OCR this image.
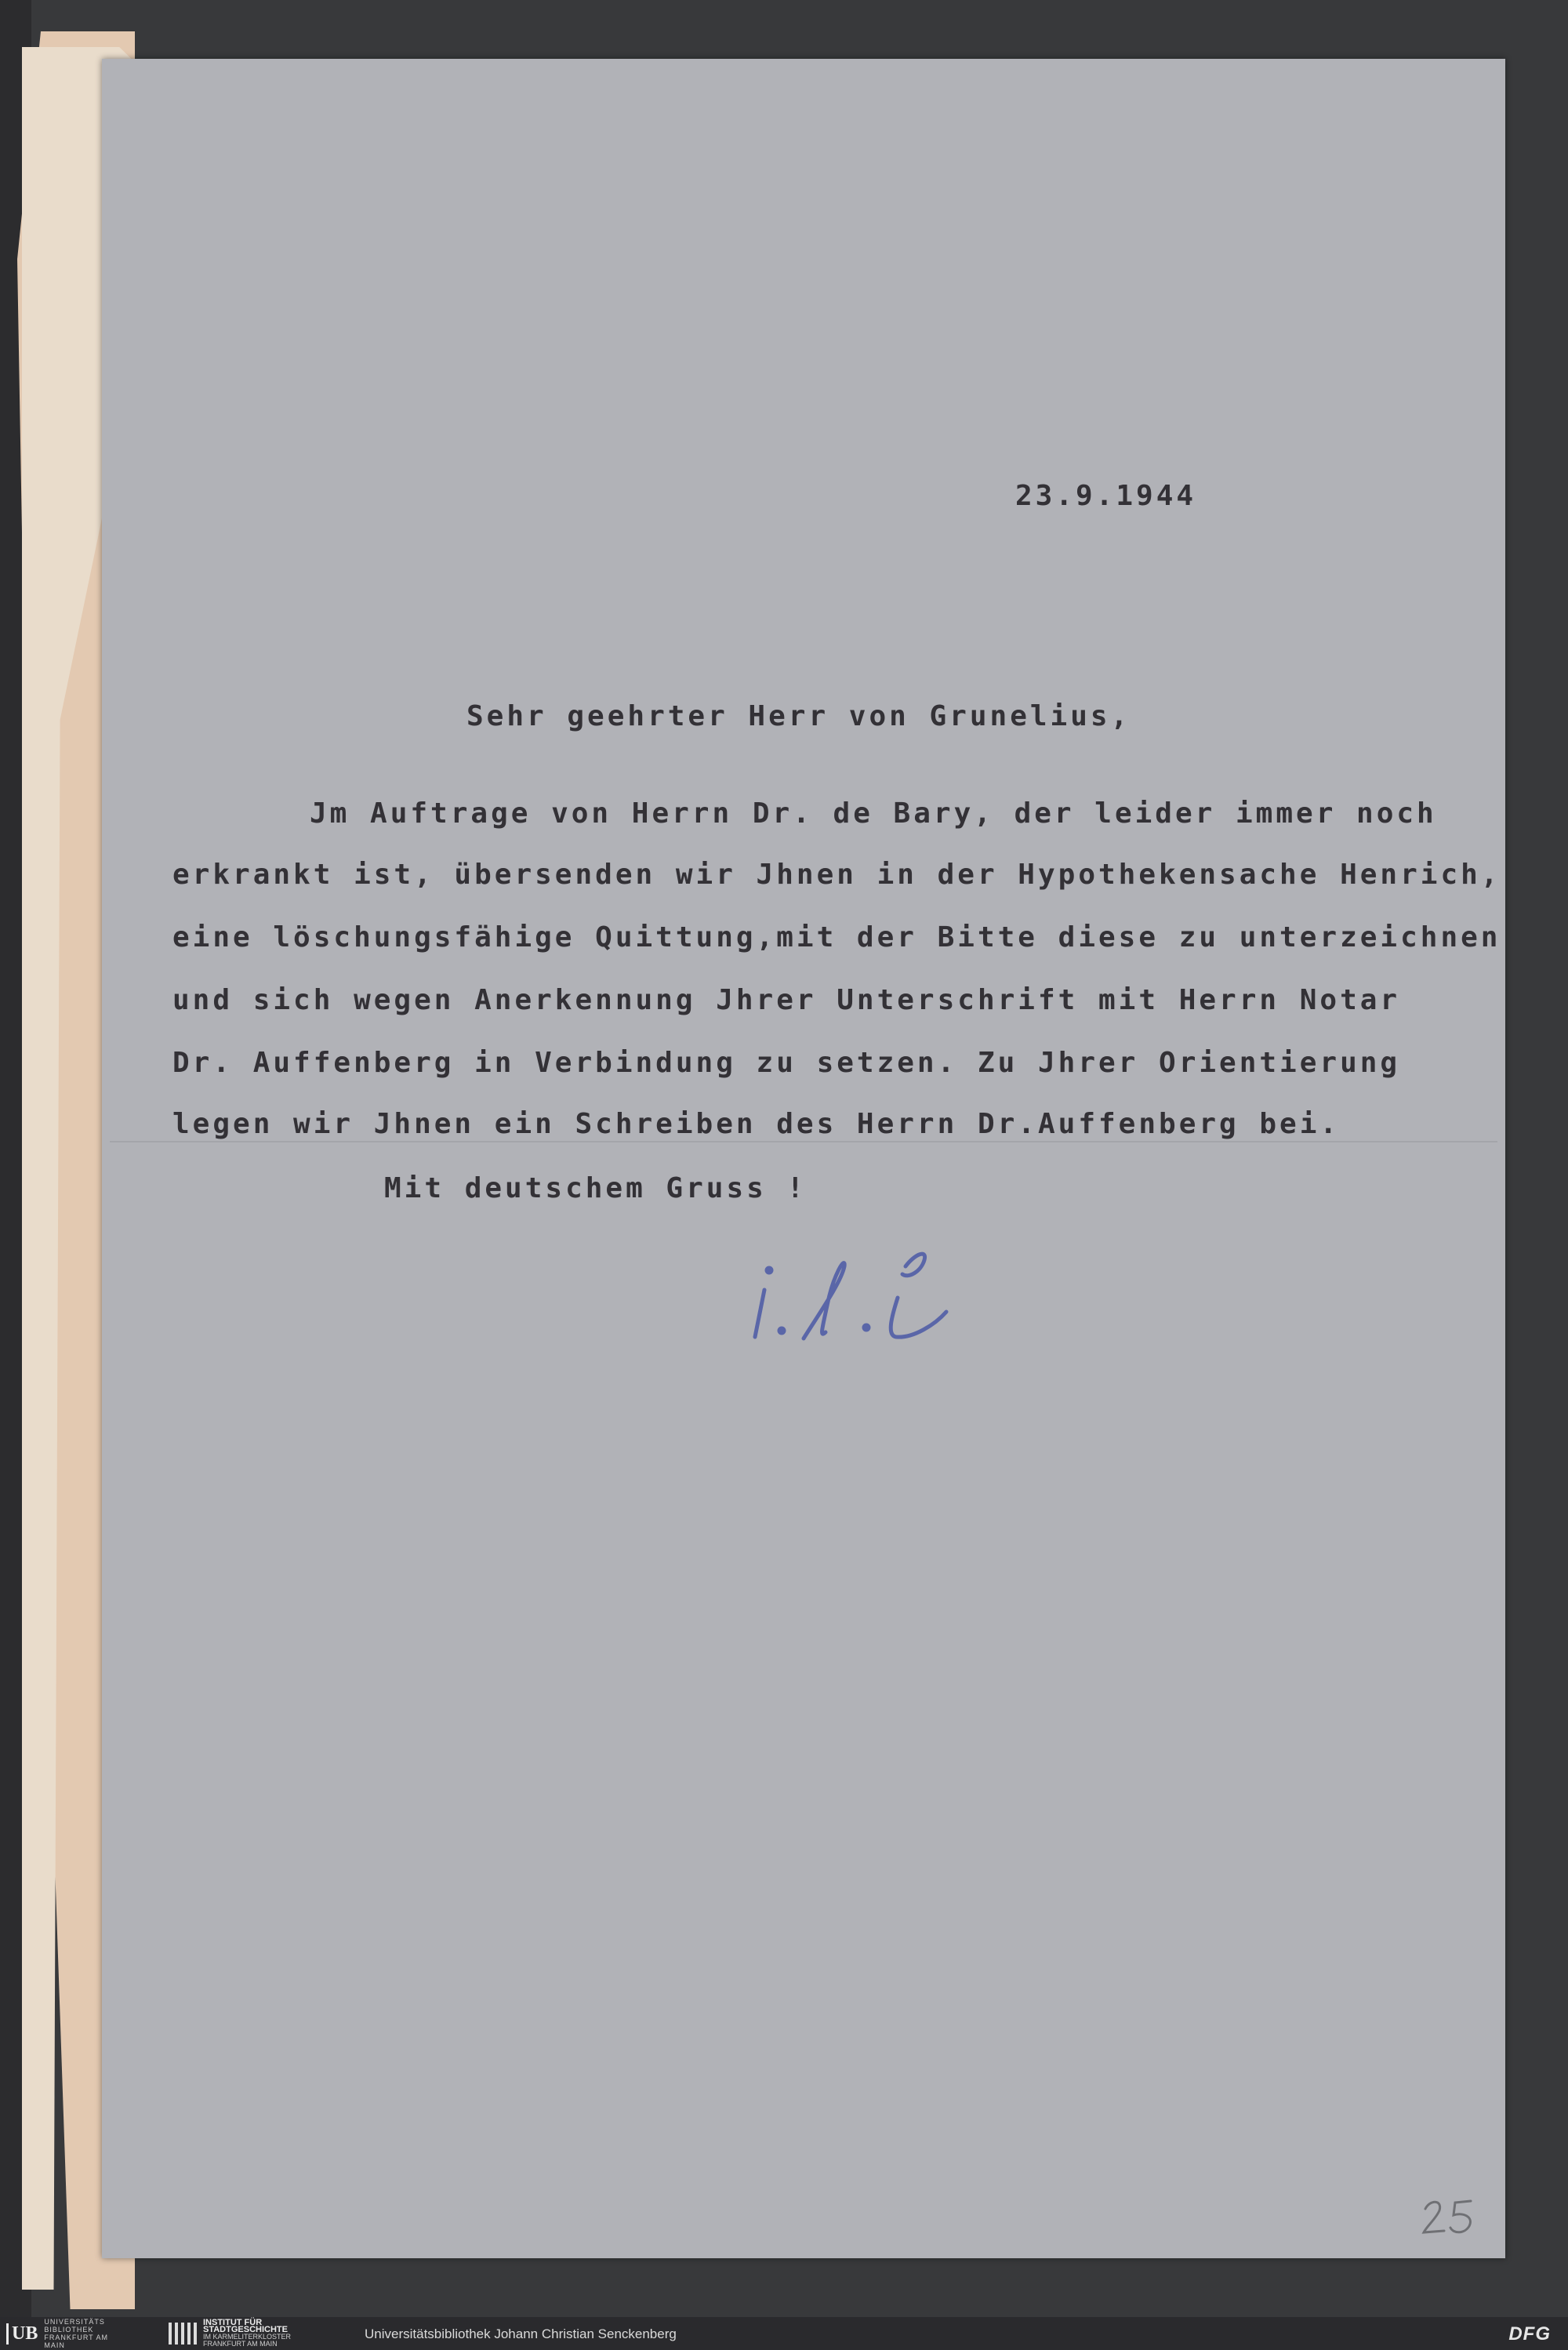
23.9.1944
Sehr geehrter Herr von Grunelius,
Jm Auftrage von Herrn Dr. de Bary, der leider immer noch
erkrankt ist, übersenden wir Jhnen in der Hypothekensache Henrich,
eine löschungsfähige Quittung,mit der Bitte diese zu unterzeichnen
und sich wegen Anerkennung Jhrer Unterschrift mit Herrn Notar
Dr. Auffenberg in Verbindung zu setzen. Zu Jhrer Orientierung
legen wir Jhnen ein Schreiben des Herrn Dr.Auffenberg bei.
Mit deutschem Gruss !
UB
UNIVERSITÄTS BIBLIOTHEK FRANKFURT AM MAIN
INSTITUT FÜR STADTGESCHICHTE
IM KARMELITERKLOSTER FRANKFURT AM MAIN
Universitätsbibliothek Johann Christian Senckenberg	DFG
